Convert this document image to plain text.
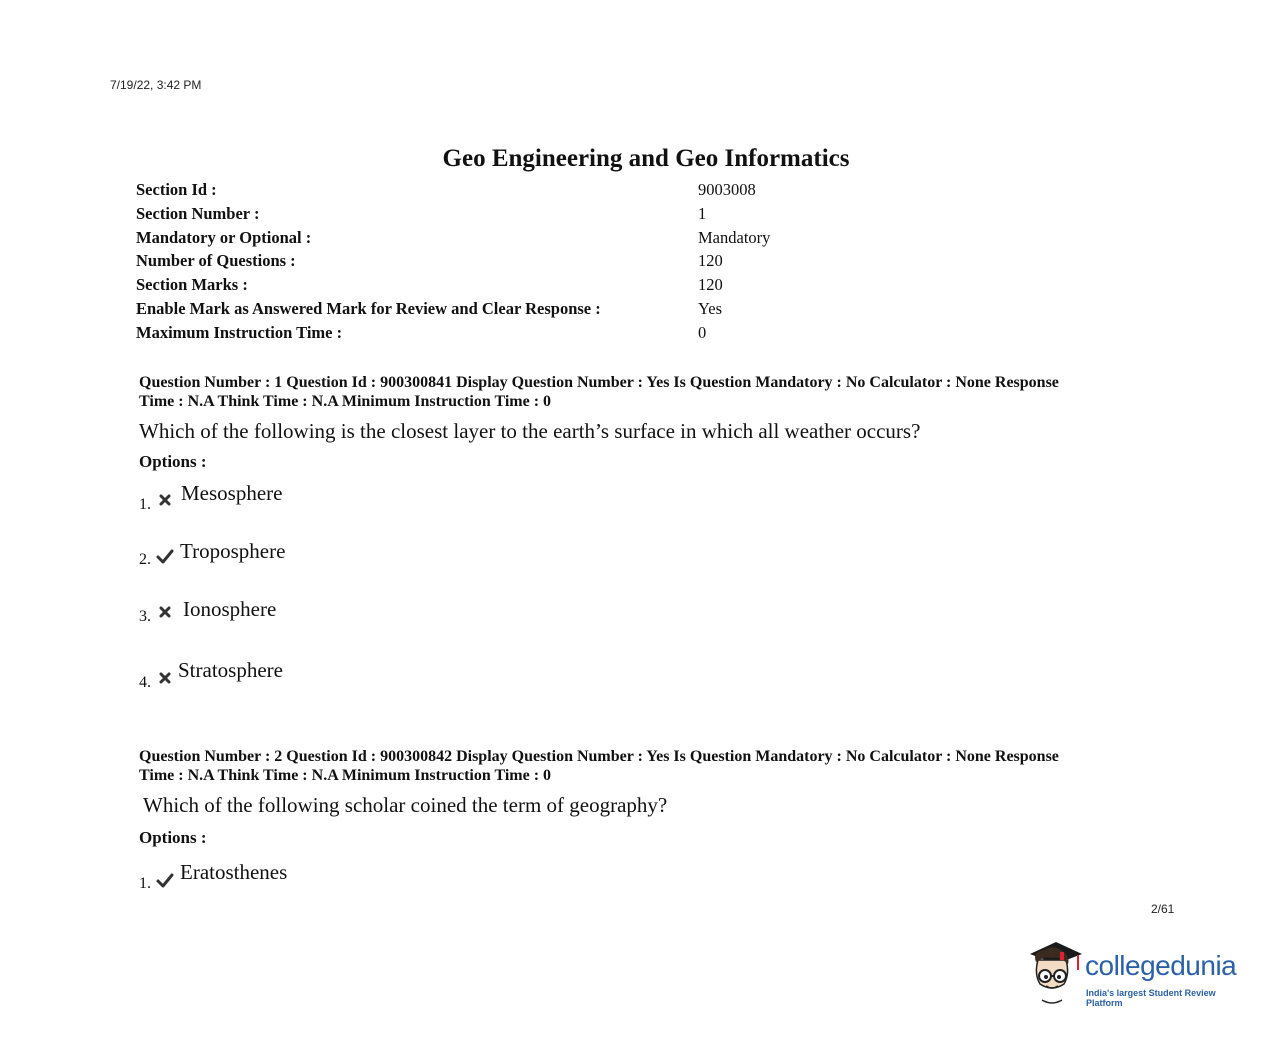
7/19/22, 3:42 PM
Geo Engineering and Geo Informatics
Section Id :	9003008
Section Number :	1
Mandatory or Optional :	Mandatory
Number of Questions :	120
Section Marks :	120
Enable Mark as Answered Mark for Review and Clear Response :	Yes
Maximum Instruction Time :	0
Question Number : 1 Question Id : 900300841 Display Question Number : Yes Is Question Mandatory : No Calculator : None Response
Time : N.A Think Time : N.A Minimum Instruction Time : 0
Which of the following is the closest layer to the earth’s surface in which all weather occurs?
Options :
1. Mesosphere
2. Troposphere
3. Ionosphere
4.
Stratosphere
Question Number : 2 Question Id : 900300842 Display Question Number : Yes Is Question Mandatory : No Calculator : None Response
Time : N.A Think Time : N.A Minimum Instruction Time : 0
Which of the following scholar coined the term of geography?
Options :
1. Eratosthenes
2/61
collegedunia
India's largest Student Review Platform
